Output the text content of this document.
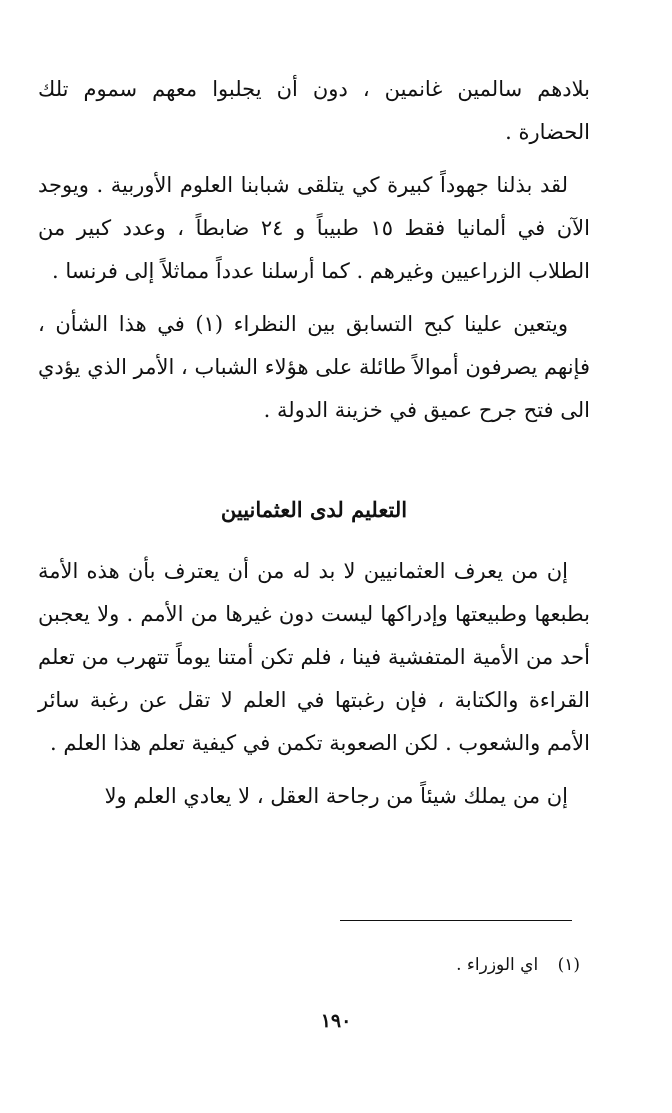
بلادهم سالمين غانمين ، دون أن يجلبوا معهم سموم تلك الحضارة .

لقد بذلنا جهوداً كبيرة كي يتلقى شبابنا العلوم الأوربية . ويوجد الآن في ألمانيا فقط ١٥ طبيباً و ٢٤ ضابطاً ، وعدد كبير من الطلاب الزراعيين وغيرهم . كما أرسلنا عدداً مماثلاً إلى فرنسا .

ويتعين علينا كبح التسابق بين النظراء (١) في هذا الشأن ، فإنهم يصرفون أموالاً طائلة على هؤلاء الشباب ، الأمر الذي يؤدي الى فتح جرح عميق في خزينة الدولة .

التعليم لدى العثمانيين

إن من يعرف العثمانيين لا بد له من أن يعترف بأن هذه الأمة بطبعها وطبيعتها وإدراكها ليست دون غيرها من الأمم . ولا يعجبن أحد من الأمية المتفشية فينا ، فلم تكن أمتنا يوماً تتهرب من تعلم القراءة والكتابة ، فإن رغبتها في العلم لا تقل عن رغبة سائر الأمم والشعوب . لكن الصعوبة تكمن في كيفية تعلم هذا العلم .

إن من يملك شيئاً من رجاحة العقل ، لا يعادي العلم ولا

(١) اي الوزراء .
١٩٠
